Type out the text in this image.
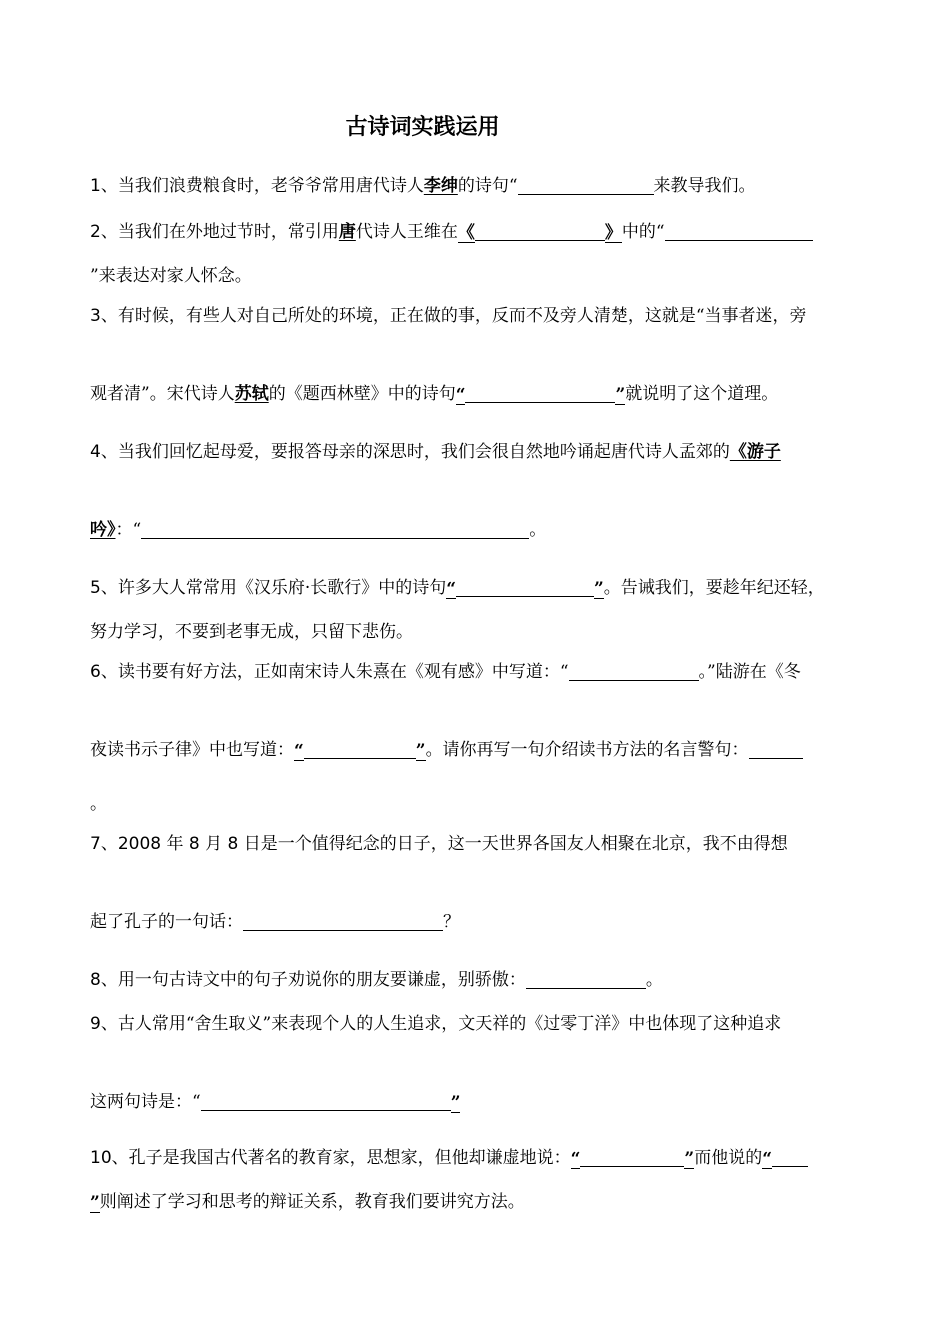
古诗词实践运用
1、当我们浪费粮食时，老爷爷常用唐代诗人李绅的诗句“	来教导我们。
2、当我们在外地过节时，常引用唐代诗人王维在《	》中的“
”来表达对家人怀念。
3、有时候，有些人对自己所处的环境，正在做的事，反而不及旁人清楚，这就是“当事者迷，旁
观者清”。宋代诗人苏轼的《题西林壁》中的诗句“	”就说明了这个道理。
4、当我们回忆起母爱，要报答母亲的深思时，我们会很自然地吟诵起唐代诗人孟郊的《游子
吟》：“	。
5、许多大人常常用《汉乐府·长歌行》中的诗句“	”。告诫我们，要趁年纪还轻，
努力学习，不要到老事无成，只留下悲伤。
6、读书要有好方法，正如南宋诗人朱熹在《观有感》中写道：“	。”陆游在《冬
夜读书示子律》中也写道：“	”。请你再写一句介绍读书方法的名言警句：
。
7、2008 年 8 月 8 日是一个值得纪念的日子，这一天世界各国友人相聚在北京，我不由得想
起了孔子的一句话：	？
8、用一句古诗文中的句子劝说你的朋友要谦虚，别骄傲：	。
9、古人常用“舍生取义”来表现个人的人生追求，文天祥的《过零丁洋》中也体现了这种追求
这两句诗是：“	”
10、孔子是我国古代著名的教育家，思想家，但他却谦虚地说：“	”而他说的“
”则阐述了学习和思考的辩证关系，教育我们要讲究方法。
